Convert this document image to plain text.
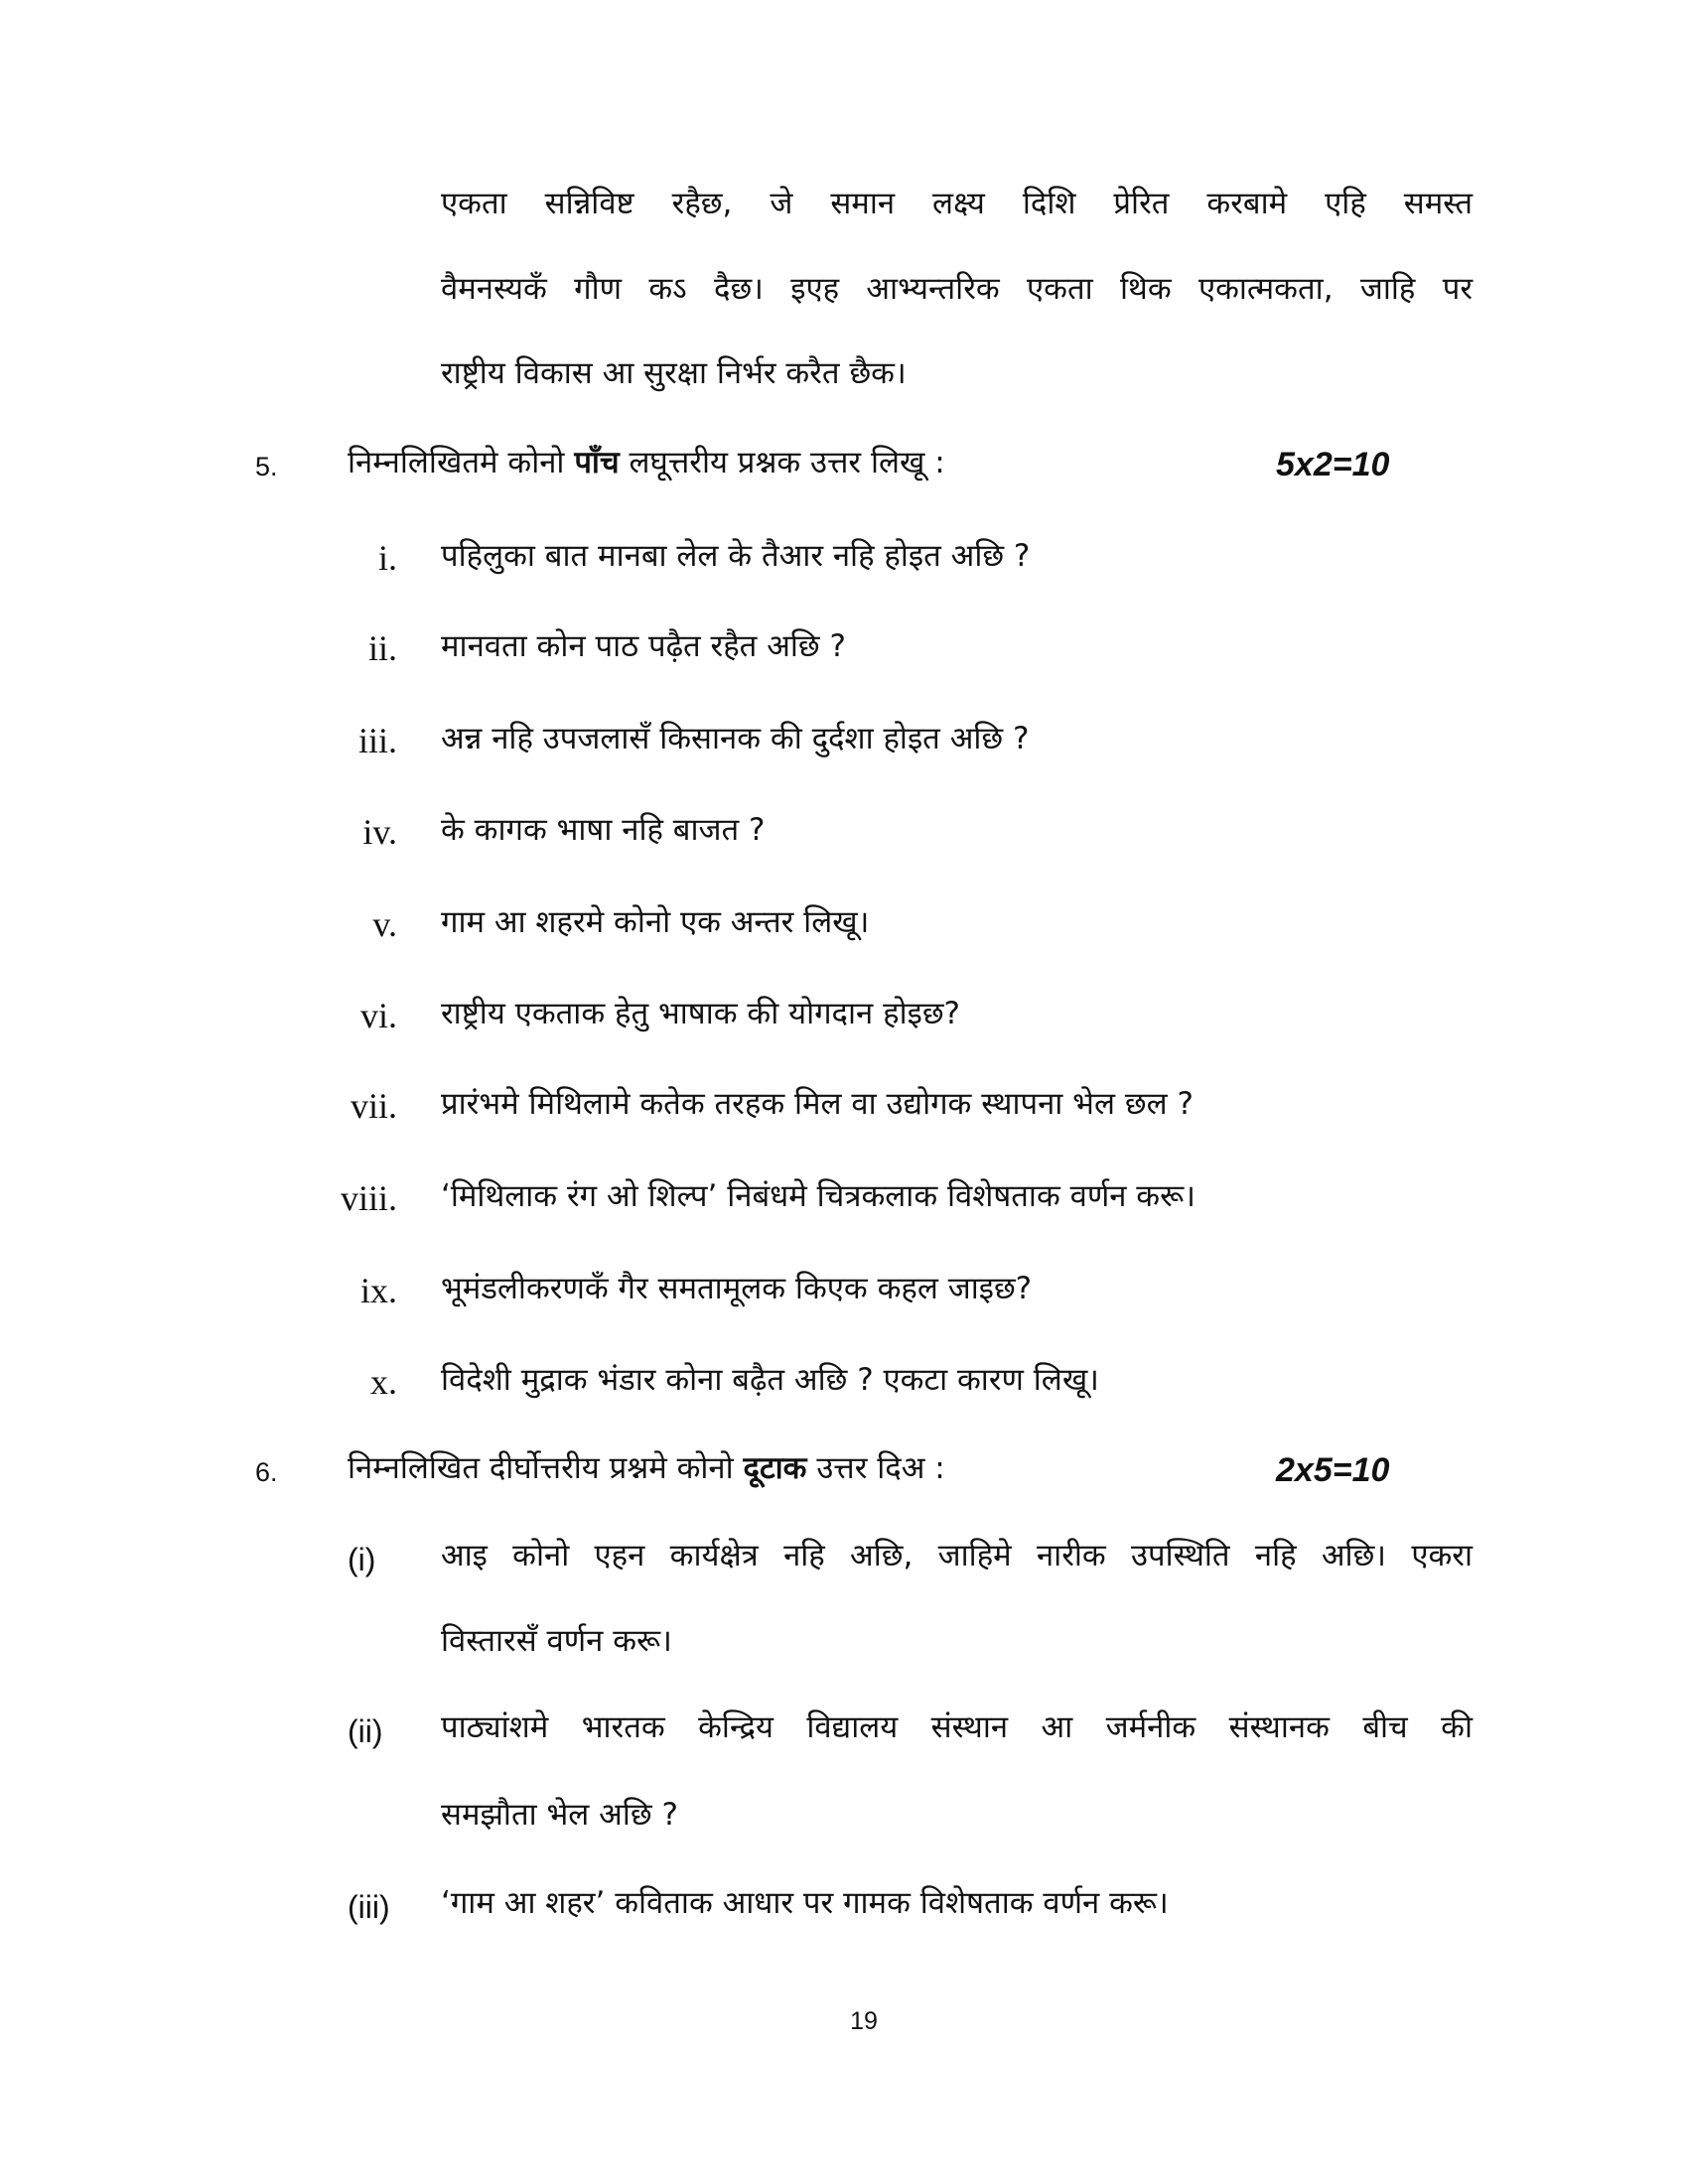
एकता सन्निविष्ट रहैछ, जे समान लक्ष्य दिशि प्रेरित करबामे एहि समस्त
वैमनस्यकँ गौण कऽ दैछ। इएह आभ्यन्तरिक एकता थिक एकात्मकता, जाहि पर
राष्ट्रीय विकास आ सुरक्षा निर्भर करैत छैक।
5. निम्नलिखितमे कोनो पाँच लघूत्तरीय प्रश्नक उत्तर लिखू :	5x2=10
i. पहिलुका बात मानबा लेल के तैआर नहि होइत अछि ?
ii. मानवता कोन पाठ पढ़ैत रहैत अछि ?
iii. अन्न नहि उपजलासँ किसानक की दुर्दशा होइत अछि ?
iv. के कागक भाषा नहि बाजत ?
v. गाम आ शहरमे कोनो एक अन्तर लिखू।
vi. राष्ट्रीय एकताक हेतु भाषाक की योगदान होइछ?
vii. प्रारंभमे मिथिलामे कतेक तरहक मिल वा उद्योगक स्थापना भेल छल ?
viii. ‘मिथिलाक रंग ओ शिल्प’ निबंधमे चित्रकलाक विशेषताक वर्णन करू।
ix. भूमंडलीकरणकँ गैर समतामूलक किएक कहल जाइछ?
x. विदेशी मुद्राक भंडार कोना बढ़ैत अछि ? एकटा कारण लिखू।
6. निम्नलिखित दीर्घोत्तरीय प्रश्नमे कोनो दूटाक उत्तर दिअ :	2x5=10
(i) आइ कोनो एहन कार्यक्षेत्र नहि अछि, जाहिमे नारीक उपस्थिति नहि अछि। एकरा
विस्तारसँ वर्णन करू।
(ii) पाठ्यांशमे भारतक केन्द्रिय विद्यालय संस्थान आ जर्मनीक संस्थानक बीच की
समझौता भेल अछि ?
(iii) ‘गाम आ शहर’ कविताक आधार पर गामक विशेषताक वर्णन करू।
19
